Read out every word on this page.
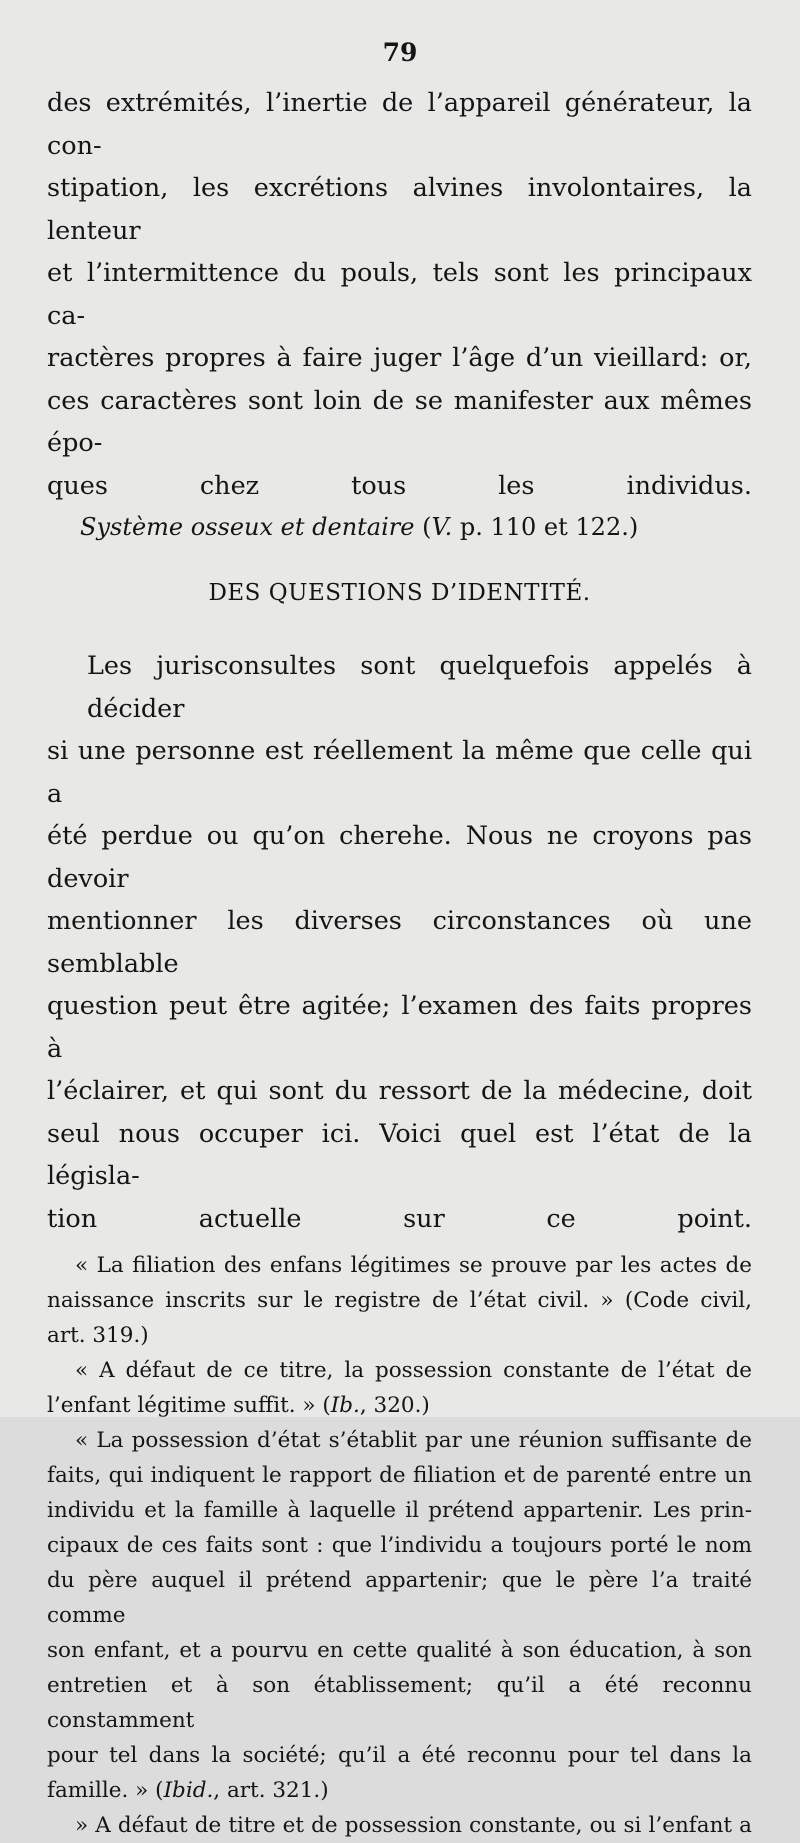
79

des extrémités, l’inertie de l’appareil générateur, la con-
stipation, les excrétions alvines involontaires, la lenteur
et l’intermittence du pouls, tels sont les principaux ca-
ractères propres à faire juger l’âge d’un vieillard: or,
ces caractères sont loin de se manifester aux mêmes épo-
ques chez tous les individus.

Système osseux et dentaire (V. p. 110 et 122.)

DES QUESTIONS D’IDENTITÉ.

Les jurisconsultes sont quelquefois appelés à décider
si une personne est réellement la même que celle qui a
été perdue ou qu’on cherehe. Nous ne croyons pas devoir
mentionner les diverses circonstances où une semblable
question peut être agitée; l’examen des faits propres à
l’éclairer, et qui sont du ressort de la médecine, doit
seul nous occuper ici. Voici quel est l’état de la législa-
tion actuelle sur ce point.

« La filiation des enfans légitimes se prouve par les actes de
naissance inscrits sur le registre de l’état civil. » (Code civil,
art. 319.)

« A défaut de ce titre, la possession constante de l’état de
l’enfant légitime suffit. » (Ib., 320.)

« La possession d’état s’établit par une réunion suffisante de
faits, qui indiquent le rapport de filiation et de parenté entre un
individu et la famille à laquelle il prétend appartenir. Les prin-
cipaux de ces faits sont : que l’individu a toujours porté le nom
du père auquel il prétend appartenir; que le père l’a traité comme
son enfant, et a pourvu en cette qualité à son éducation, à son
entretien et à son établissement; qu’il a été reconnu constamment
pour tel dans la société; qu’il a été reconnu pour tel dans la
famille. » (Ibid., art. 321.)

» A défaut de titre et de possession constante, ou si l’enfant a
